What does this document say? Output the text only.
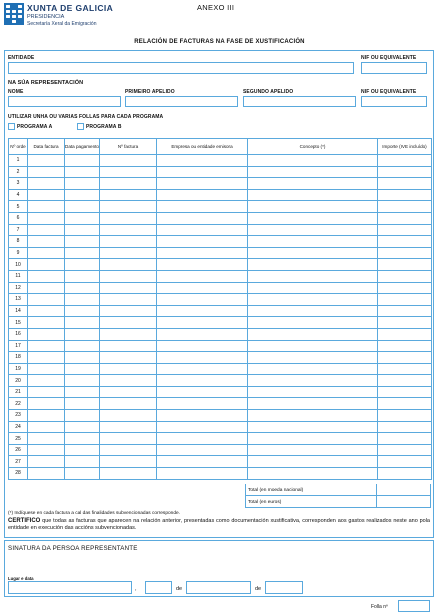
XUNTA DE GALICIA
PRESIDENCIA
Secretaría Xeral da Emigración
ANEXO III
RELACIÓN DE FACTURAS NA FASE DE XUSTIFICACIÓN
ENTIDADE	NIF OU EQUIVALENTE
NA SÚA REPRESENTACIÓN
NOME	PRIMEIRO APELIDO	SEGUNDO APELIDO	NIF OU EQUIVALENTE
UTILIZAR UNHA OU VARIAS FOLLAS PARA CADA PROGRAMA
PROGRAMA A	PROGRAMA B
Nº orde	Data factura	Data pagamento	Nº factura	Empresa ou entidade emisora	Concepto (*)	Importe (IVE incluído)
1						
2						
3						
4						
5						
6						
7						
8						
9						
10						
11						
12						
13						
14						
15						
16						
17						
18						
19						
20						
21						
22						
23						
24						
25						
26						
27						
28						
Total (en moeda nacional)
Total (en euros)
(*) Indíquese en cada factura a cal das finalidades subvencionadas corresponde.
CERTIFICO que todas as facturas que aparecen na relación anterior, presentadas como documentación xustificativa, corresponden aos gastos realizados neste ano pola entidade en execución das accións subvencionadas.
SINATURA DA PERSOA REPRESENTANTE
Lugar e data
,	de	de
Folla nº
